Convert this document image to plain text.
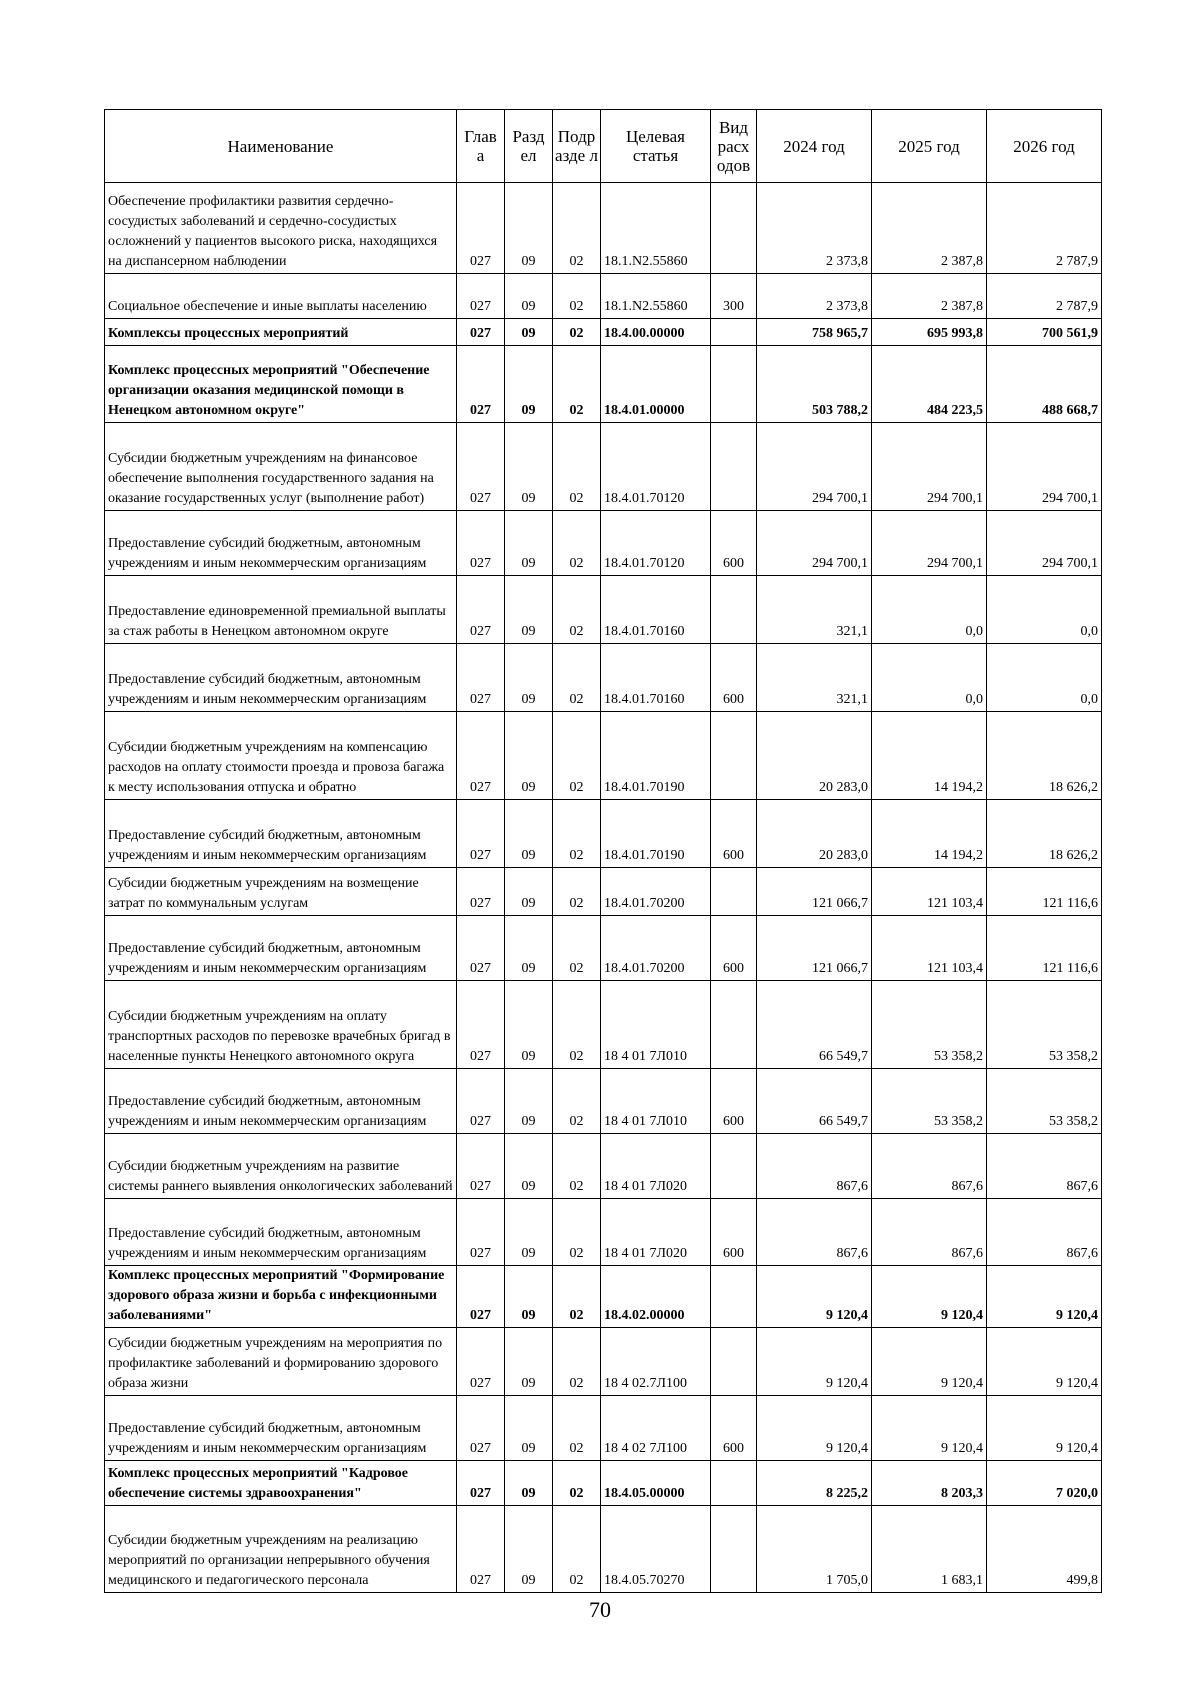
Наименование	Глав а	Разд ел	Подр азде л	Целевая статья	Вид расх одов	2024 год	2025 год	2026 год
Обеспечение профилактики развития сердечно-сосудистых заболеваний и сердечно-сосудистых осложнений у пациентов высокого риска, находящихся на диспансерном наблюдении	027	09	02	18.1.N2.55860		2 373,8	2 387,8	2 787,9
Социальное обеспечение и иные выплаты населению	027	09	02	18.1.N2.55860	300	2 373,8	2 387,8	2 787,9
Комплексы процессных мероприятий	027	09	02	18.4.00.00000		758 965,7	695 993,8	700 561,9
Комплекс процессных мероприятий "Обеспечение организации оказания медицинской помощи в Ненецком автономном округе"	027	09	02	18.4.01.00000		503 788,2	484 223,5	488 668,7
Субсидии бюджетным учреждениям на финансовое обеспечение выполнения государственного задания на оказание государственных услуг (выполнение работ)	027	09	02	18.4.01.70120		294 700,1	294 700,1	294 700,1
Предоставление субсидий бюджетным, автономным учреждениям и иным некоммерческим организациям	027	09	02	18.4.01.70120	600	294 700,1	294 700,1	294 700,1
Предоставление единовременной премиальной выплаты за стаж работы в Ненецком автономном округе	027	09	02	18.4.01.70160		321,1	0,0	0,0
Предоставление субсидий бюджетным, автономным учреждениям и иным некоммерческим организациям	027	09	02	18.4.01.70160	600	321,1	0,0	0,0
Субсидии бюджетным учреждениям на компенсацию расходов на оплату стоимости проезда и провоза багажа к месту использования отпуска и обратно	027	09	02	18.4.01.70190		20 283,0	14 194,2	18 626,2
Предоставление субсидий бюджетным, автономным учреждениям и иным некоммерческим организациям	027	09	02	18.4.01.70190	600	20 283,0	14 194,2	18 626,2
Субсидии бюджетным учреждениям на возмещение затрат по коммунальным услугам	027	09	02	18.4.01.70200		121 066,7	121 103,4	121 116,6
Предоставление субсидий бюджетным, автономным учреждениям и иным некоммерческим организациям	027	09	02	18.4.01.70200	600	121 066,7	121 103,4	121 116,6
Субсидии бюджетным учреждениям на оплату транспортных расходов по перевозке врачебных бригад в населенные пункты Ненецкого автономного округа	027	09	02	18 4 01 7Л010		66 549,7	53 358,2	53 358,2
Предоставление субсидий бюджетным, автономным учреждениям и иным некоммерческим организациям	027	09	02	18 4 01 7Л010	600	66 549,7	53 358,2	53 358,2
Субсидии бюджетным учреждениям на развитие системы раннего выявления онкологических заболеваний	027	09	02	18 4 01 7Л020		867,6	867,6	867,6
Предоставление субсидий бюджетным, автономным учреждениям и иным некоммерческим организациям	027	09	02	18 4 01 7Л020	600	867,6	867,6	867,6
Комплекс процессных мероприятий "Формирование здорового образа жизни и борьба с инфекционными заболеваниями"	027	09	02	18.4.02.00000		9 120,4	9 120,4	9 120,4
Субсидии бюджетным учреждениям на мероприятия по профилактике заболеваний и формированию здорового образа жизни	027	09	02	18 4 02.7Л100		9 120,4	9 120,4	9 120,4
Предоставление субсидий бюджетным, автономным учреждениям и иным некоммерческим организациям	027	09	02	18 4 02 7Л100	600	9 120,4	9 120,4	9 120,4
Комплекс процессных мероприятий "Кадровое обеспечение системы здравоохранения"	027	09	02	18.4.05.00000		8 225,2	8 203,3	7 020,0
Субсидии бюджетным учреждениям на реализацию мероприятий по организации непрерывного обучения медицинского и педагогического персонала	027	09	02	18.4.05.70270		1 705,0	1 683,1	499,8
70
